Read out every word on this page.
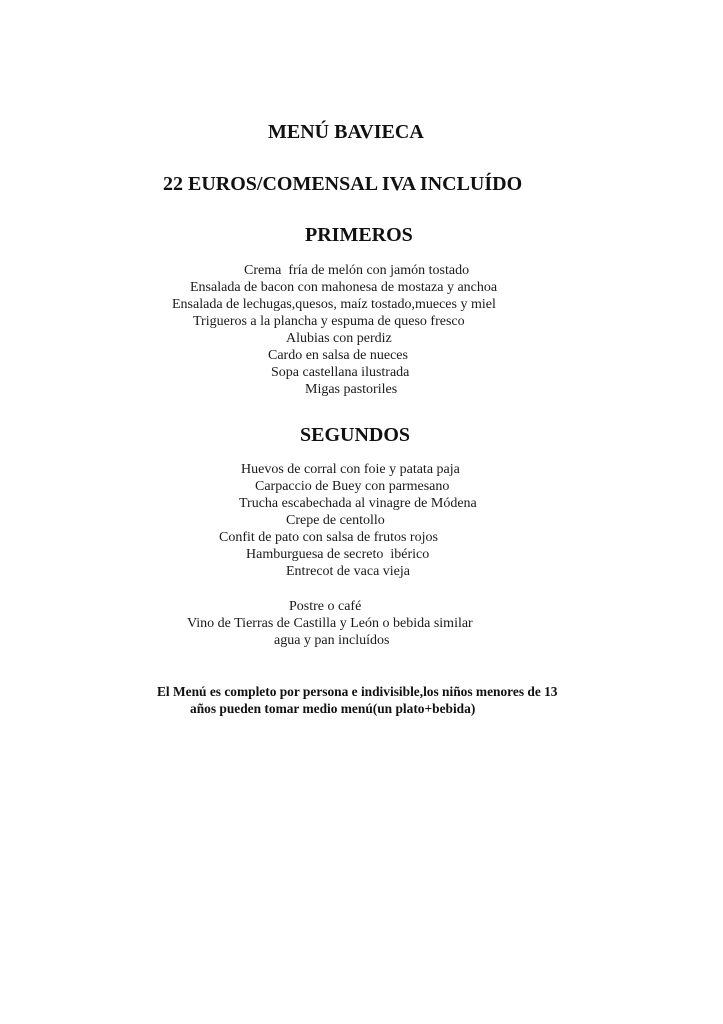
MENÚ BAVIECA
22 EUROS/COMENSAL IVA INCLUÍDO
PRIMEROS
Crema  fría de melón con jamón tostado
Ensalada de bacon con mahonesa de mostaza y anchoa
Ensalada de lechugas,quesos, maíz tostado,mueces y miel
Trigueros a la plancha y espuma de queso fresco
Alubias con perdiz
Cardo en salsa de nueces
Sopa castellana ilustrada
Migas pastoriles
SEGUNDOS
Huevos de corral con foie y patata paja
Carpaccio de Buey con parmesano
Trucha escabechada al vinagre de Módena
Crepe de centollo
Confit de pato con salsa de frutos rojos
Hamburguesa de secreto  ibérico
Entrecot de vaca vieja
Postre o café
Vino de Tierras de Castilla y León o bebida similar
agua y pan incluídos
El Menú es completo por persona e indivisible,los niños menores de 13
años pueden tomar medio menú(un plato+bebida)
